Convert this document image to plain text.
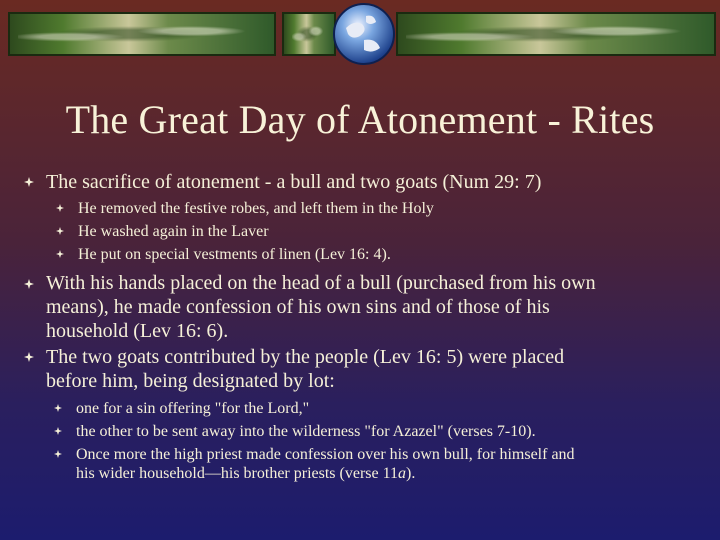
The Great Day of Atonement - Rites
The sacrifice of atonement - a bull and two goats (Num 29: 7)
He removed the festive robes, and left them in the Holy
He washed again in the Laver
He put on special vestments of linen (Lev 16: 4).
With his hands placed on the head of a bull (purchased from his own
means), he made confession of his own sins and of those of his
household (Lev 16: 6).
The two goats contributed by the people (Lev 16: 5) were placed
before him, being designated by lot:
one for a sin offering "for the Lord,"
the other to be sent away into the wilderness "for Azazel" (verses 7-10).
Once more the high priest made confession over his own bull, for himself and
his wider household—his brother priests (verse 11a).
